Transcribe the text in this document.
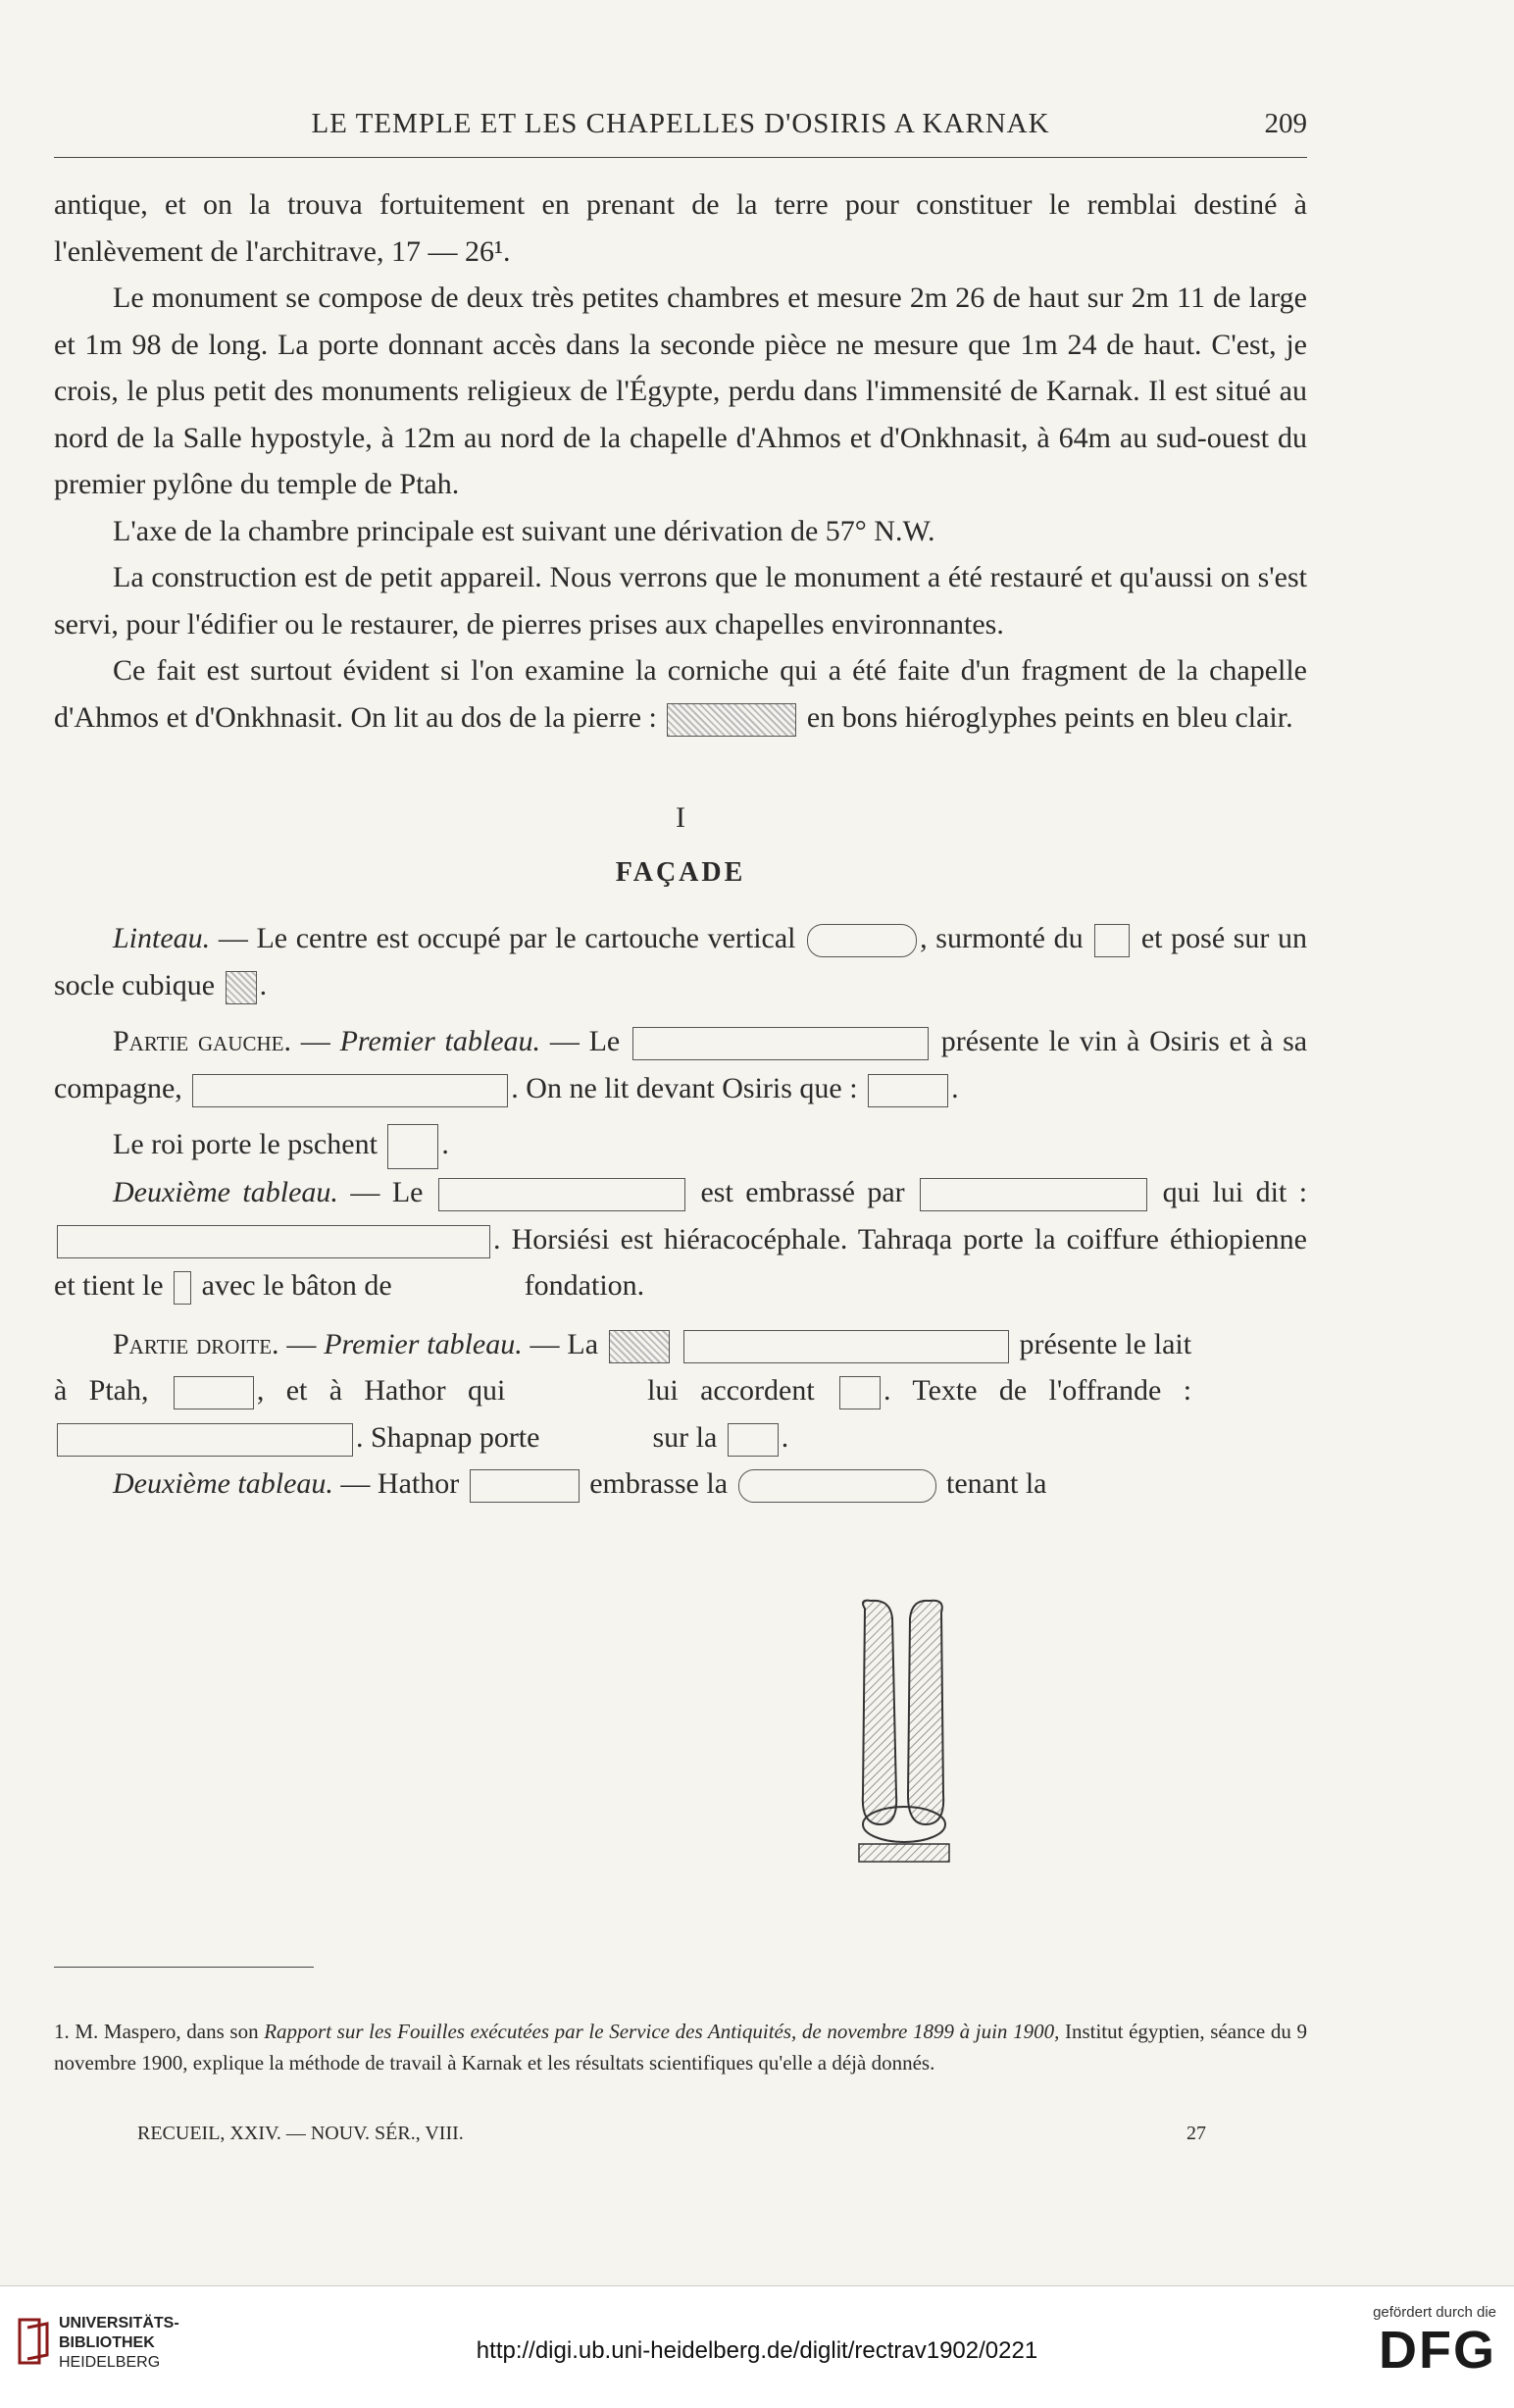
LE TEMPLE ET LES CHAPELLES D'OSIRIS A KARNAK	209

antique, et on la trouva fortuitement en prenant de la terre pour constituer le remblai destiné à l'enlèvement de l'architrave, 17 — 26¹.

Le monument se compose de deux très petites chambres et mesure 2m 26 de haut sur 2m 11 de large et 1m 98 de long. La porte donnant accès dans la seconde pièce ne mesure que 1m 24 de haut. C'est, je crois, le plus petit des monuments religieux de l'Égypte, perdu dans l'immensité de Karnak. Il est situé au nord de la Salle hypostyle, à 12m au nord de la chapelle d'Ahmos et d'Onkhnasit, à 64m au sud-ouest du premier pylône du temple de Ptah.

L'axe de la chambre principale est suivant une dérivation de 57° N.W.

La construction est de petit appareil. Nous verrons que le monument a été restauré et qu'aussi on s'est servi, pour l'édifier ou le restaurer, de pierres prises aux chapelles environnantes.

Ce fait est surtout évident si l'on examine la corniche qui a été faite d'un fragment de la chapelle d'Ahmos et d'Onkhnasit. On lit au dos de la pierre :	en bons hiéroglyphes peints en bleu clair.

I
FAÇADE

Linteau. — Le centre est occupé par le cartouche vertical	, surmonté du et posé sur un socle cubique .

Partie gauche. — Premier tableau. — Le	présente le vin à Osiris et à sa compagne,	. On ne lit devant Osiris que :	.

Le roi porte le pschent .

Deuxième tableau. — Le	est embrassé par	qui lui dit : . Horsiési est hiéracocéphale. Tahraqa porte la coiffure éthiopienne et tient le avec le bâton de	fondation.

Partie droite. — Premier tableau. — La	présente le lait à Ptah,	, et à Hathor qui	lui accordent . Texte de l'offrande : . Shapnap porte	sur la .

Deuxième tableau. — Hathor	embrasse la	tenant la

1. M. Maspero, dans son Rapport sur les Fouilles exécutées par le Service des Antiquités, de novembre 1899 à juin 1900, Institut égyptien, séance du 9 novembre 1900, explique la méthode de travail à Karnak et les résultats scientifiques qu'elle a déjà donnés.
RECUEIL, XXIV. — NOUV. SÉR., VIII.	27
UNIVERSITÄTS-
BIBLIOTHEK
HEIDELBERG	http://digi.ub.uni-heidelberg.de/diglit/rectrav1902/0221
gefördert durch die
DFG
